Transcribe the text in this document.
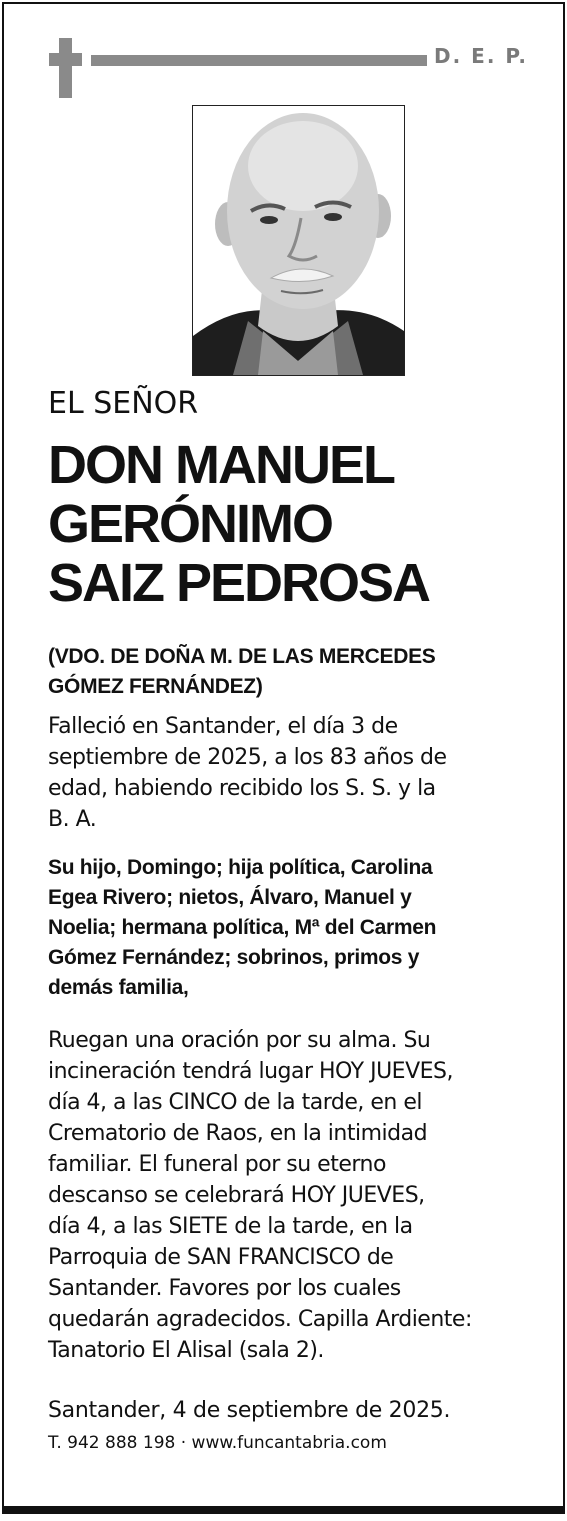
D. E. P.
EL SEÑOR
DON MANUEL
GERÓNIMO
SAIZ PEDROSA
(VDO. DE DOÑA M. DE LAS MERCEDES
GÓMEZ FERNÁNDEZ)
Falleció en Santander, el día 3 de
septiembre de 2025, a los 83 años de
edad, habiendo recibido los S. S. y la
B. A.
Su hijo, Domingo; hija política, Carolina
Egea Rivero; nietos, Álvaro, Manuel y
Noelia; hermana política, Mª del Carmen
Gómez Fernández; sobrinos, primos y
demás familia,
Ruegan una oración por su alma. Su
incineración tendrá lugar HOY JUEVES,
día 4, a las CINCO de la tarde, en el
Crematorio de Raos, en la intimidad
familiar. El funeral por su eterno
descanso se celebrará HOY JUEVES,
día 4, a las SIETE de la tarde, en la
Parroquia de SAN FRANCISCO de
Santander. Favores por los cuales
quedarán agradecidos. Capilla Ardiente:
Tanatorio El Alisal (sala 2).
Santander, 4 de septiembre de 2025.
T. 942 888 198 · www.funcantabria.com
